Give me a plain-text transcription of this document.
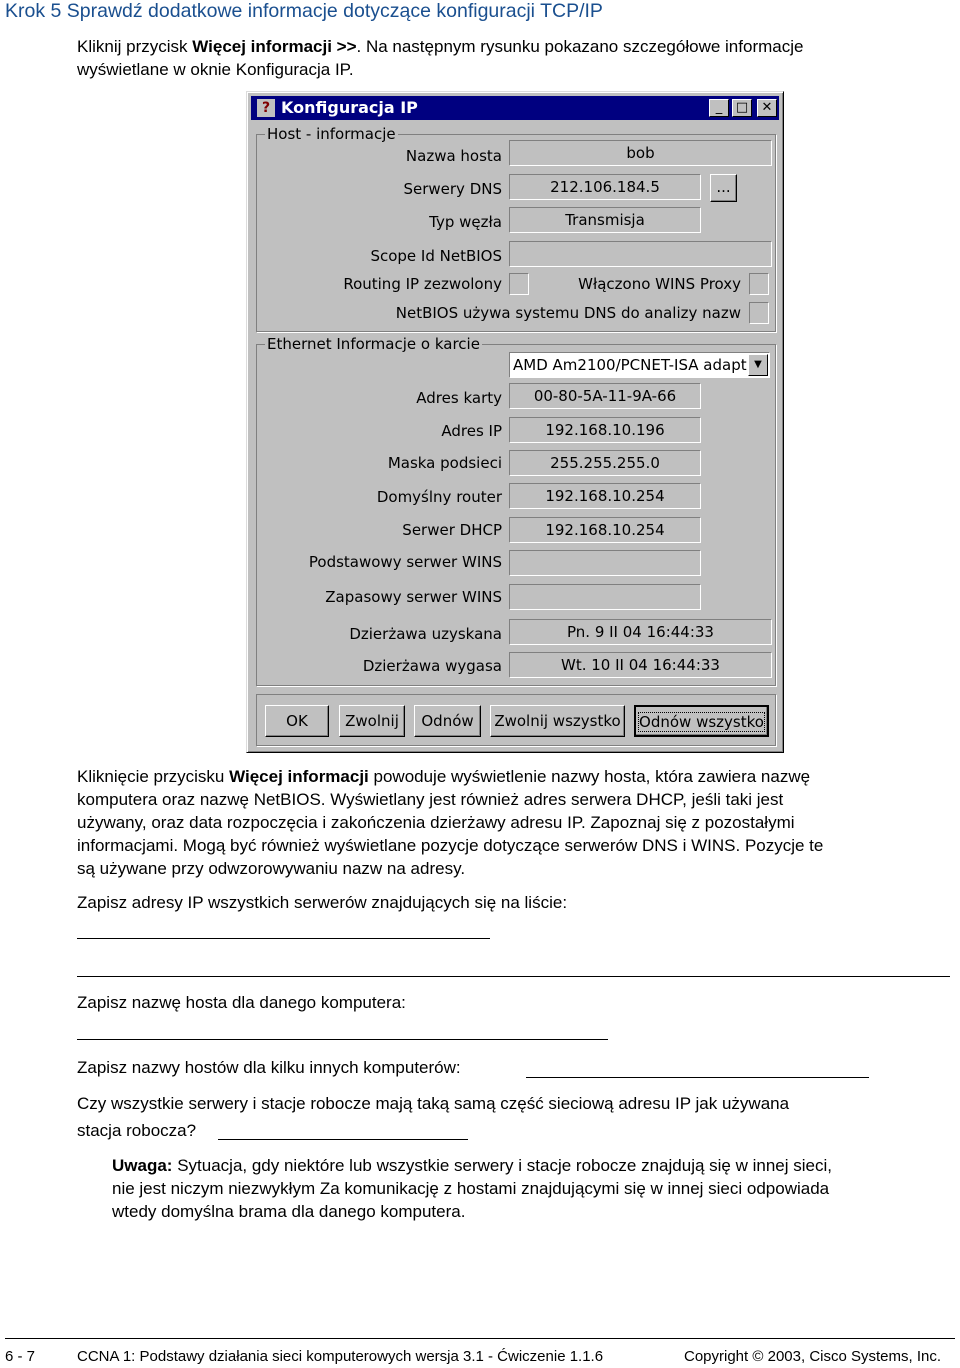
Krok 5 Sprawdź dodatkowe informacje dotyczące konfiguracji TCP/IP
Kliknij przycisk Więcej informacji >>. Na następnym rysunku pokazano szczegółowe informacje
wyświetlane w oknie Konfiguracja IP.
? Konfiguracja IP	_	□	✕
Host - informacje
Nazwa hosta	bob
Serwery DNS	212.106.184.5	...
Typ węzła	Transmisja
Scope Id NetBIOS
Routing IP zezwolony	Włączono WINS Proxy
NetBIOS używa systemu DNS do analizy nazw
Ethernet Informacje o karcie
AMD Am2100/PCNET-ISA adapt ▼
Adres karty	00-80-5A-11-9A-66
Adres IP	192.168.10.196
Maska podsieci	255.255.255.0
Domyślny router	192.168.10.254
Serwer DHCP	192.168.10.254
Podstawowy serwer WINS
Zapasowy serwer WINS
Dzierżawa uzyskana	Pn. 9 II 04 16:44:33
Dzierżawa wygasa	Wt. 10 II 04 16:44:33
OK	Zwolnij	Odnów	Zwolnij wszystko	Odnów wszystko
Kliknięcie przycisku Więcej informacji powoduje wyświetlenie nazwy hosta, która zawiera nazwę
komputera oraz nazwę NetBIOS. Wyświetlany jest również adres serwera DHCP, jeśli taki jest
używany, oraz data rozpoczęcia i zakończenia dzierżawy adresu IP. Zapoznaj się z pozostałymi
informacjami. Mogą być również wyświetlane pozycje dotyczące serwerów DNS i WINS. Pozycje te
są używane przy odwzorowywaniu nazw na adresy.
Zapisz adresy IP wszystkich serwerów znajdujących się na liście:
Zapisz nazwę hosta dla danego komputera:
Zapisz nazwy hostów dla kilku innych komputerów:
Czy wszystkie serwery i stacje robocze mają taką samą część sieciową adresu IP jak używana
stacja robocza?
Uwaga: Sytuacja, gdy niektóre lub wszystkie serwery i stacje robocze znajdują się w innej sieci,
nie jest niczym niezwykłym Za komunikację z hostami znajdującymi się w innej sieci odpowiada
wtedy domyślna brama dla danego komputera.
6 - 7	CCNA 1: Podstawy działania sieci komputerowych wersja 3.1 - Ćwiczenie 1.1.6	Copyright © 2003, Cisco Systems, Inc.
